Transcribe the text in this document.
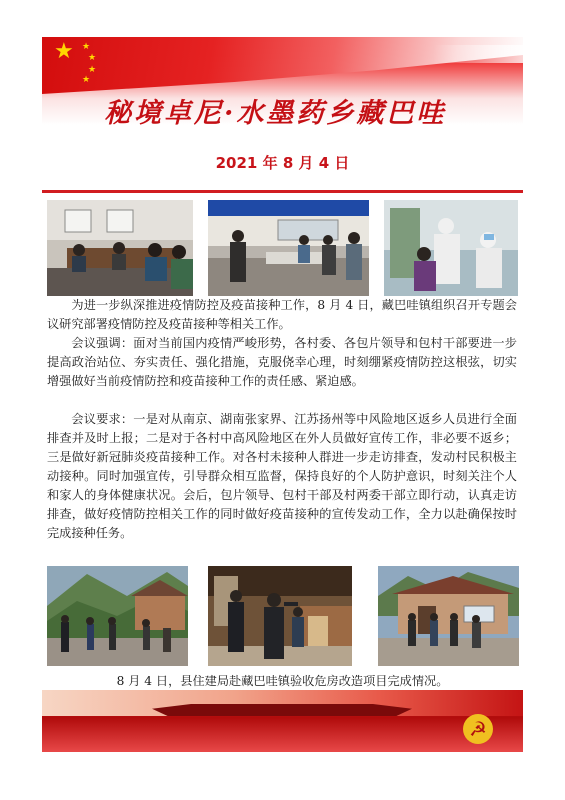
★ ★
★
★
★
秘境卓尼·水墨药乡藏巴哇
2021 年 8 月 4 日

为进一步纵深推进疫情防控及疫苗接种工作，8 月 4 日，藏巴哇镇组织召开专题会议研究部署疫情防控及疫苗接种等相关工作。

会议强调：面对当前国内疫情严峻形势，各村委、各包片领导和包村干部要进一步提高政治站位、夯实责任、强化措施，克服侥幸心理，时刻绷紧疫情防控这根弦，切实增强做好当前疫情防控和疫苗接种工作的责任感、紧迫感。

会议要求：一是对从南京、湖南张家界、江苏扬州等中风险地区返乡人员进行全面排查并及时上报；二是对于各村中高风险地区在外人员做好宣传工作，非必要不返乡；三是做好新冠肺炎疫苗接种工作。对各村未接种人群进一步走访排查，发动村民积极主动接种。同时加强宣传，引导群众相互监督，保持良好的个人防护意识，时刻关注个人和家人的身体健康状况。会后，包片领导、包村干部及村两委干部立即行动，认真走访排查，做好疫情防控相关工作的同时做好疫苗接种的宣传发动工作，全力以赴确保按时完成接种任务。

8 月 4 日，县住建局赴藏巴哇镇验收危房改造项目完成情况。
☭
